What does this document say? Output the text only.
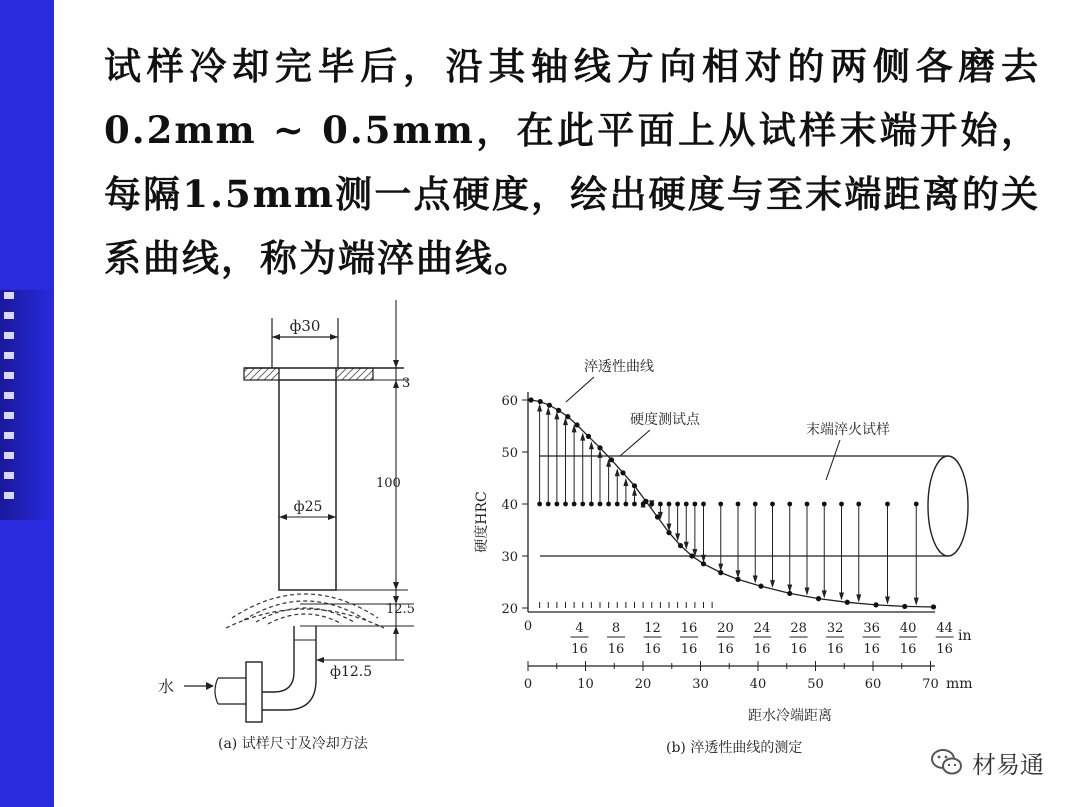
试样冷却完毕后，沿其轴线方向相对的两侧各磨去0.2mm ~ 0.5mm，在此平面上从试样末端开始，每隔1.5mm测一点硬度，绘出硬度与至末端距离的关系曲线，称为端淬曲线。

ф30
ф25
3
100
12.5
ф12.5
水
(a) 试样尺寸及冷却方法
20
30
40
50
60
硬度HRC
淬透性曲线
硬度测试点
末端淬火试样
0	4
16
8
16
12
16
16
16
20
16
24
16
28
16
32
16
36
16
40
16
44
16
in
0	10	20	30	40	50	60	70 mm
距水冷端距离
(b) 淬透性曲线的测定
材易通
